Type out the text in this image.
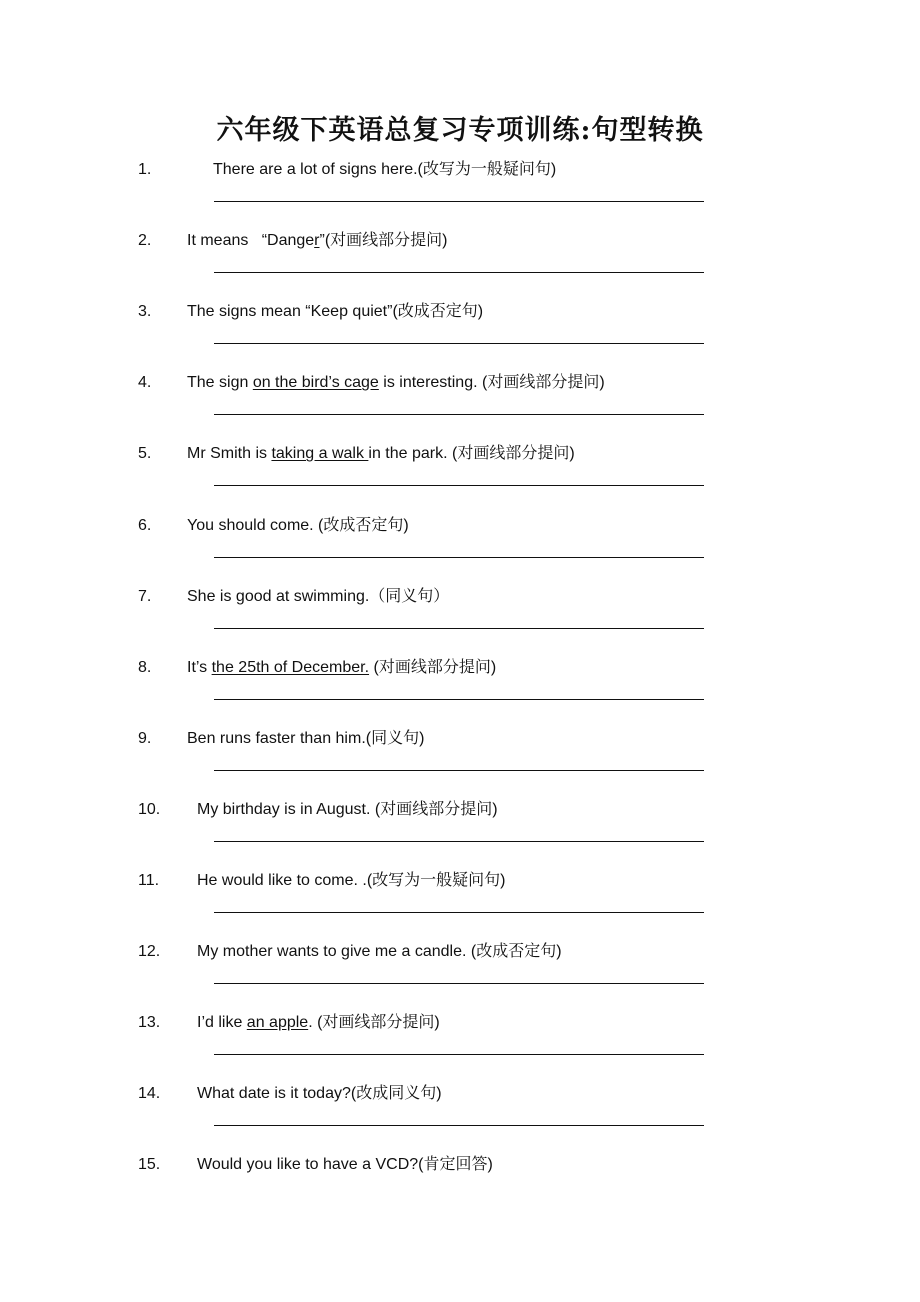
六年级下英语总复习专项训练:句型转换
1.	There are a lot of signs here.(改写为一般疑问句)
2. It means   “Danger”(对画线部分提问)
3. The signs mean “Keep quiet”(改成否定句)
4. The sign on the bird’s cage is interesting. (对画线部分提问)
5. Mr Smith is taking a walk in the park. (对画线部分提问)
6. You should come. (改成否定句)
7. She is good at swimming.（同义句）
8. It’s the 25th of December. (对画线部分提问)
9. Ben runs faster than him.(同义句)
10. My birthday is in August. (对画线部分提问)
11. He would like to come. .(改写为一般疑问句)
12. My mother wants to give me a candle. (改成否定句)
13. I’d like an apple. (对画线部分提问)
14. What date is it today?(改成同义句)
15. Would you like to have a VCD?(肯定回答)
